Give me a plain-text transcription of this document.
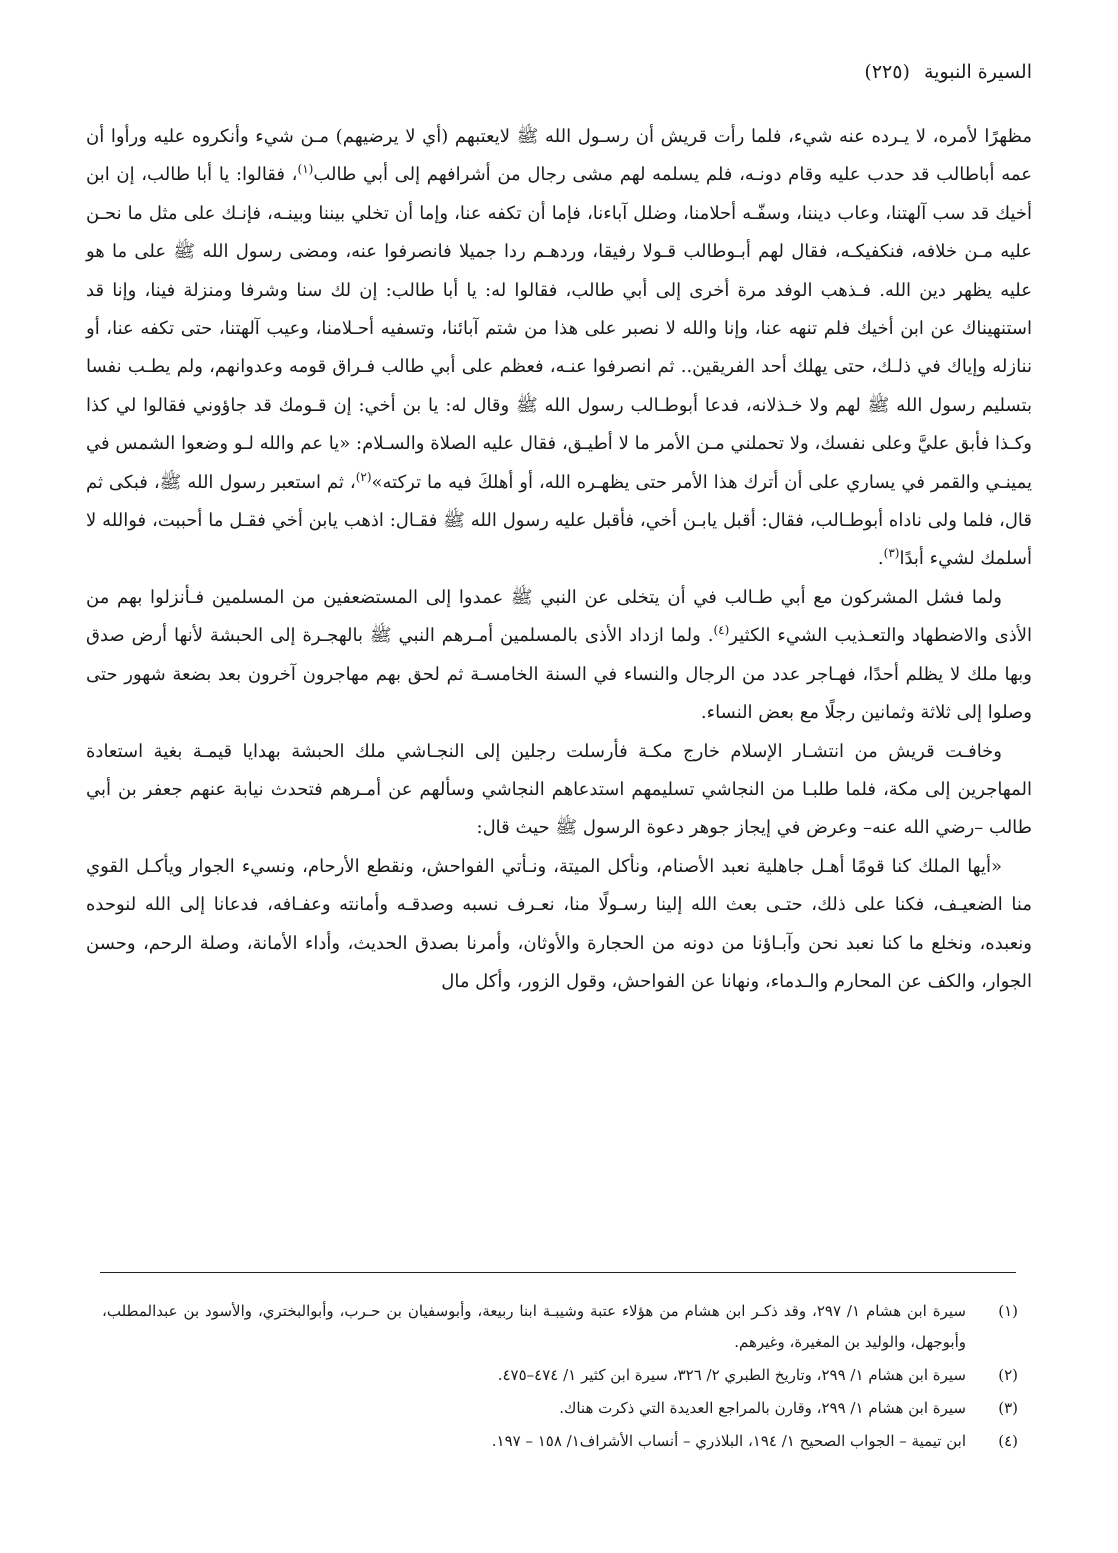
السيرة النبوية (٢٢٥)

مظهرًا لأمره، لا يـرده عنه شيء، فلما رأت قريش أن رسـول الله ﷺ لايعتبهم (أي لا يرضيهم) مـن شيء وأنكروه عليه ورأوا أن عمه أباطالب قد حدب عليه وقام دونـه، فلم يسلمه لهم مشى رجال من أشرافهم إلى أبي طالب$^{(١)}$، فقالوا: يا أبا طالب، إن ابن أخيك قد سب آلهتنا، وعاب ديننا، وسفّـه أحلامنا، وضلل آباءنا، فإما أن تكفه عنا، وإما أن تخلي بيننا وبينـه، فإنـك على مثل ما نحـن عليه مـن خلافه، فنكفيكـه، فقال لهم أبـوطالب قـولا رفيقا، وردهـم ردا جميلا فانصرفوا عنه، ومضى رسول الله ﷺ على ما هو عليه يظهر دين الله. فـذهب الوفد مرة أخرى إلى أبي طالب، فقالوا له: يا أبا طالب: إن لك سنا وشرفا ومنزلة فينا، وإنا قد استنهيناك عن ابن أخيك فلم تنهه عنا، وإنا والله لا نصبر على هذا من شتم آبائنا، وتسفيه أحـلامنا، وعيب آلهتنا، حتى تكفه عنا، أو ننازله وإياك في ذلـك، حتى يهلك أحد الفريقين.. ثم انصرفوا عنـه، فعظم على أبي طالب فـراق قومه وعدوانهم، ولم يطـب نفسا بتسليم رسول الله ﷺ لهم ولا خـذلانه، فدعا أبوطـالب رسول الله ﷺ وقال له: يا بن أخي: إن قـومك قد جاؤوني فقالوا لي كذا وكـذا فأبق عليَّ وعلى نفسك، ولا تحملني مـن الأمر ما لا أطيـق، فقال عليه الصلاة والسـلام: «يا عم والله لـو وضعوا الشمس في يمينـي والقمر في يساري على أن أترك هذا الأمر حتى يظهـره الله، أو أهلكَ فيه ما تركته»$^{(٢)}$، ثم استعبر رسول الله ﷺ، فبكى ثم قال، فلما ولى ناداه أبوطـالب، فقال: أقبل يابـن أخي، فأقبل عليه رسول الله ﷺ فقـال: اذهب يابن أخي فقـل ما أحببت، فوالله لا أسلمك لشيء أبدًا$^{(٣)}$.

ولما فشل المشركون مع أبي طـالب في أن يتخلى عن النبي ﷺ عمدوا إلى المستضعفين من المسلمين فـأنزلوا بهم من الأذى والاضطهاد والتعـذيب الشيء الكثير$^{(٤)}$. ولما ازداد الأذى بالمسلمين أمـرهم النبي ﷺ بالهجـرة إلى الحبشة لأنها أرض صدق وبها ملك لا يظلم أحدًا، فهـاجر عدد من الرجال والنساء في السنة الخامسـة ثم لحق بهم مهاجرون آخرون بعد بضعة شهور حتى وصلوا إلى ثلاثة وثمانين رجلًا مع بعض النساء.

وخافـت قريش من انتشـار الإسلام خارج مكـة فأرسلت رجلين إلى النجـاشي ملك الحبشة بهدايا قيمـة بغية استعادة المهاجرين إلى مكة، فلما طلبـا من النجاشي تسليمهم استدعاهم النجاشي وسألهم عن أمـرهم فتحدث نيابة عنهم جعفر بن أبي طالب –رضي الله عنه– وعرض في إيجاز جوهر دعوة الرسول ﷺ حيث قال:

«أيها الملك كنا قومًا أهـل جاهلية نعبد الأصنام، ونأكل الميتة، ونـأتي الفواحش، ونقطع الأرحام، ونسيء الجوار ويأكـل القوي منا الضعيـف، فكنا على ذلك، حتـى بعث الله إلينا رسـولًا منا، نعـرف نسبه وصدقـه وأمانته وعفـافه، فدعانا إلى الله لنوحده ونعبده، ونخلع ما كنا نعبد نحن وآبـاؤنا من دونه من الحجارة والأوثان، وأمرنا بصدق الحديث، وأداء الأمانة، وصلة الرحم، وحسن الجوار، والكف عن المحارم والـدماء، ونهانا عن الفواحش، وقول الزور، وأكل مال

(١)
سيرة ابن هشام ١/ ٢٩٧، وقد ذكـر ابن هشام من هؤلاء عتبة وشيبـة ابنا ربيعة، وأبوسفيان بن حـرب، وأبوالبختري، والأسود بن عبدالمطلب، وأبوجهل، والوليد بن المغيرة، وغيرهم.
(٢)
سيرة ابن هشام ١/ ٢٩٩، وتاريخ الطبري ٢/ ٣٢٦، سيرة ابن كثير ١/ ٤٧٤–٤٧٥.
(٣)
سيرة ابن هشام ١/ ٢٩٩، وقارن بالمراجع العديدة التي ذكرت هناك.
(٤)
ابن تيمية – الجواب الصحيح ١/ ١٩٤، البلاذري – أنساب الأشراف١/ ١٥٨ – ١٩٧.
